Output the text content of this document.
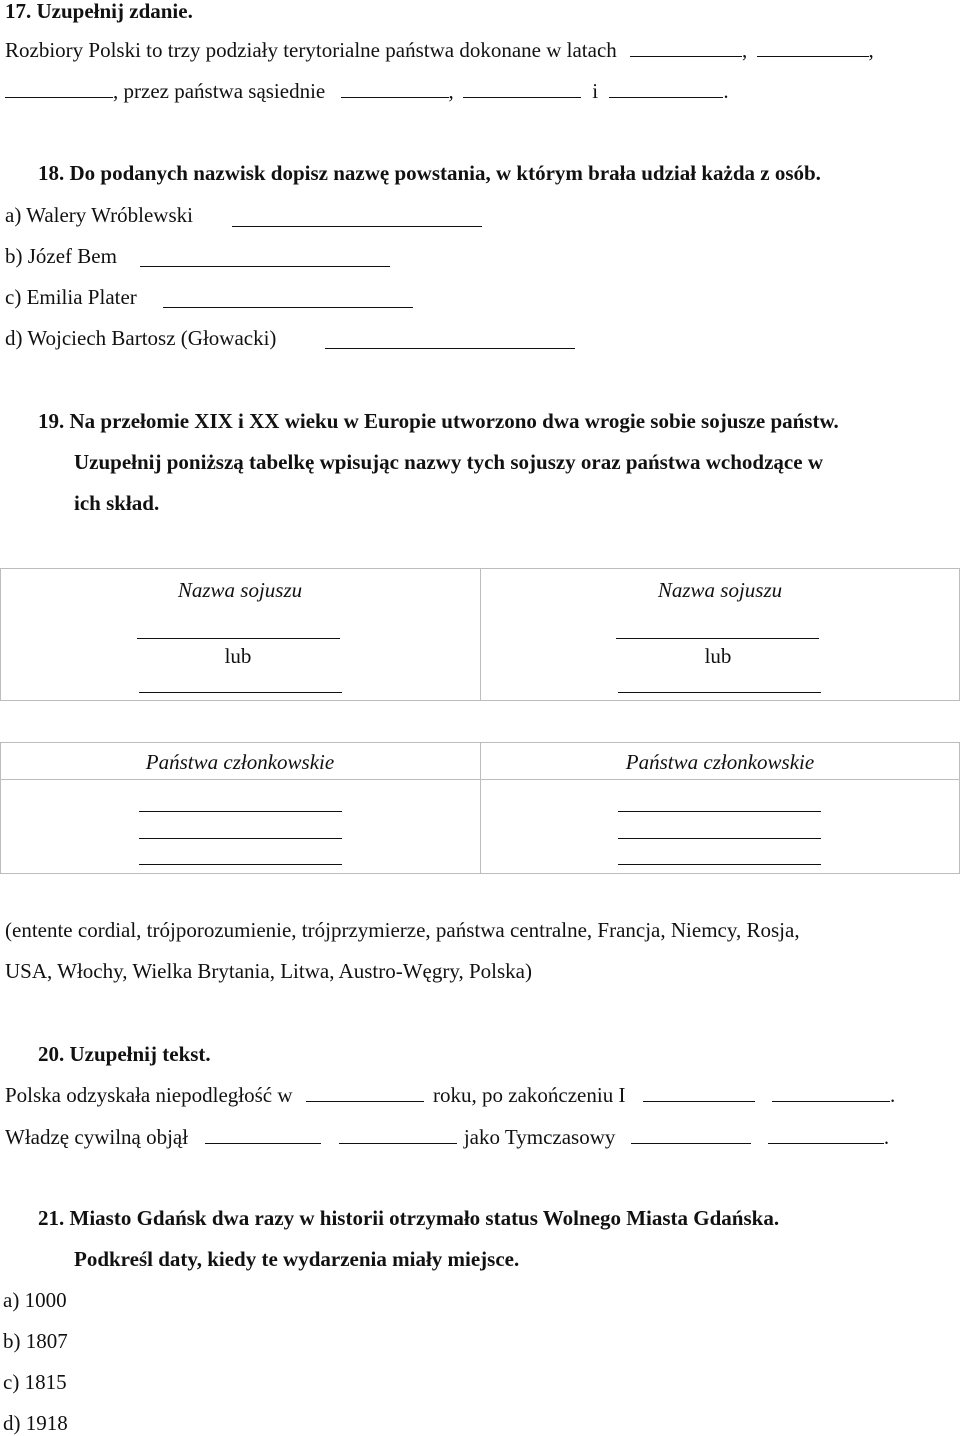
17. Uzupełnij zdanie.
Rozbiory Polski to trzy podziały terytorialne państwa dokonane w latach	,	,
, przez państwa sąsiednie	,	i	.
18. Do podanych nazwisk dopisz nazwę powstania, w którym brała udział każda z osób.
a) Walery Wróblewski
b) Józef Bem
c) Emilia Plater
d) Wojciech Bartosz (Głowacki)
19. Na przełomie XIX i XX wieku w Europie utworzono dwa wrogie sobie sojusze państw.
Uzupełnij poniższą tabelkę wpisując nazwy tych sojuszy oraz państwa wchodzące w
ich skład.
Nazwa sojuszu	Nazwa sojuszu
lub	lub
Państwa członkowskie	Państwa członkowskie
(entente cordial, trójporozumienie, trójprzymierze, państwa centralne, Francja, Niemcy, Rosja,
USA, Włochy, Wielka Brytania, Litwa, Austro-Węgry, Polska)
20. Uzupełnij tekst.
Polska odzyskała niepodległość w	roku, po zakończeniu I	.
Władzę cywilną objął	jako Tymczasowy	.
21. Miasto Gdańsk dwa razy w historii otrzymało status Wolnego Miasta Gdańska.
Podkreśl daty, kiedy te wydarzenia miały miejsce.
a) 1000
b) 1807
c) 1815
d) 1918
